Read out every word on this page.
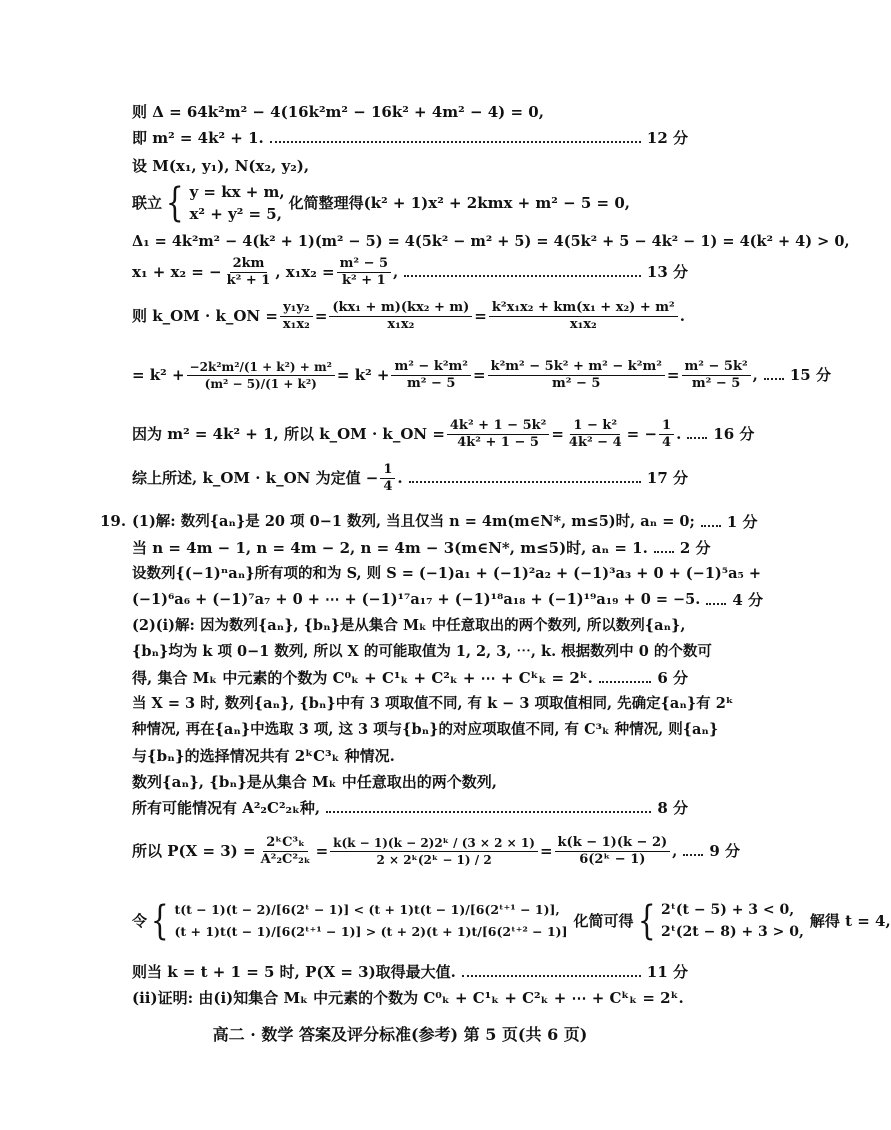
则 Δ = 64k²m² − 4(16k²m² − 16k² + 4m² − 4) = 0,
即 m² = 4k² + 1.	12 分
设 M(x₁, y₁), N(x₂, y₂),
联立 { y = kx + m,
x² + y² = 5,
化简整理得(k² + 1)x² + 2kmx + m² − 5 = 0,
Δ₁ = 4k²m² − 4(k² + 1)(m² − 5) = 4(5k² − m² + 5) = 4(5k² + 5 − 4k² − 1) = 4(k² + 4) > 0,
x₁ + x₂ = − $\frac{2km}{\text{k² + 1}}$ , $x_1x_2 = \frac{\text{m² − 5}}{\text{k² + 1}}$ ,	13 分
则 k_OM · k_ON = $\frac{\text{y₁y₂}}{\text{x₁x₂}} = \frac{\text{(kx₁ + m)(kx₂ + m)}}{\text{x₁x₂}} = \frac{\text{k²x₁x₂ + km(x₁ + x₂) + m²}}{\text{x₁x₂}}$ .
= $k^2 + \frac{\text{−2k²m²/(1 + k²) + m²}}{\text{(m² − 5)/(1 + k²)}} = k^2 + \frac{\text{m² − k²m²}}{\text{m² − 5}} = \frac{\text{k²m² − 5k² + m² − k²m²}}{\text{m² − 5}} = \frac{\text{m² − 5k²}}{\text{m² − 5}}$ , 15 分
因为 m² = 4k² + 1, 所以 k_OM · k_ON = $\frac{\text{4k² + 1 − 5k²}}{\text{4k² + 1 − 5}} = \frac{\text{1 − k²}}{\text{4k² − 4}}$ = − $\frac{1}{4}$ . 16 分
综上所述, k_OM · k_ON 为定值 − $\frac{1}{4}$ .	17 分
19. (1)解: 数列{aₙ}是 20 项 0−1 数列, 当且仅当 n = 4m(m∈N*, m≤5)时, aₙ = 0; 1 分
当 n = 4m − 1, n = 4m − 2, n = 4m − 3(m∈N*, m≤5)时, aₙ = 1. 2 分
设数列{(−1)ⁿaₙ}所有项的和为 S, 则 S = (−1)a₁ + (−1)²a₂ + (−1)³a₃ + 0 + (−1)⁵a₅ +
(−1)⁶a₆ + (−1)⁷a₇ + 0 + ⋯ + (−1)¹⁷a₁₇ + (−1)¹⁸a₁₈ + (−1)¹⁹a₁₉ + 0 = −5. 4 分
(2)(i)解: 因为数列{aₙ}, {bₙ}是从集合 Mₖ 中任意取出的两个数列, 所以数列{aₙ},
{bₙ}均为 k 项 0−1 数列, 所以 X 的可能取值为 1, 2, 3, ⋯, k. 根据数列中 0 的个数可
得, 集合 Mₖ 中元素的个数为 C⁰ₖ + C¹ₖ + C²ₖ + ⋯ + Cᵏₖ = 2ᵏ.	6 分
当 X = 3 时, 数列{aₙ}, {bₙ}中有 3 项取值不同, 有 k − 3 项取值相同, 先确定{aₙ}有 2ᵏ
种情况, 再在{aₙ}中选取 3 项, 这 3 项与{bₙ}的对应项取值不同, 有 C³ₖ 种情况, 则{aₙ}
与{bₙ}的选择情况共有 2ᵏC³ₖ 种情况.
数列{aₙ}, {bₙ}是从集合 Mₖ 中任意取出的两个数列,
所有可能情况有 A²₂C²₂ₖ种,	8 分
所以 $P(X = 3) = \frac{\text{2ᵏC³ₖ}}{\text{A²₂C²₂ₖ}} = \frac{\text{k(k − 1)(k − 2)2ᵏ / (3 × 2 × 1)}}{\text{2 × 2ᵏ(2ᵏ − 1) / 2}} = \frac{k(k - 1)(k - 2)}{\text{6(2ᵏ − 1)}}$ , 9 分
令 { t(t − 1)(t − 2)/[6(2ᵗ − 1)] < (t + 1)t(t − 1)/[6(2ᵗ⁺¹ − 1)],
(t + 1)t(t − 1)/[6(2ᵗ⁺¹ − 1)] > (t + 2)(t + 1)t/[6(2ᵗ⁺² − 1)]
化简可得 { 2ᵗ(t − 5) + 3 < 0,
2ᵗ(2t − 8) + 3 > 0,
解得 t = 4,
则当 k = t + 1 = 5 时, P(X = 3)取得最大值.	11 分
(ii)证明: 由(i)知集合 Mₖ 中元素的个数为 C⁰ₖ + C¹ₖ + C²ₖ + ⋯ + Cᵏₖ = 2ᵏ.
高二 · 数学 答案及评分标准(参考) 第 5 页(共 6 页)
